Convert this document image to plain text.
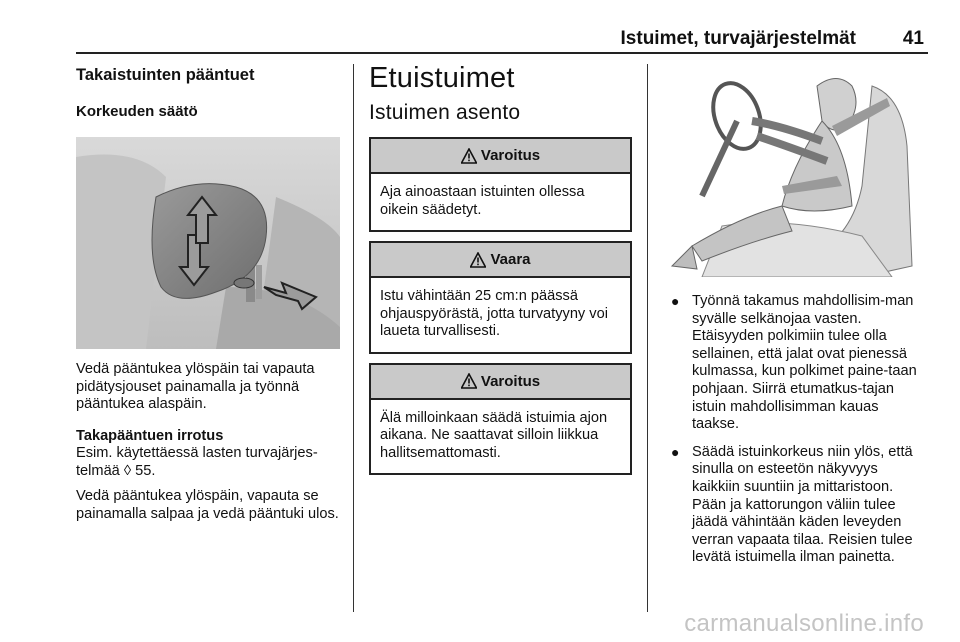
Istuimet, turvajärjestelmät 41
Takaistuinten pääntuet
Korkeuden säätö
Vedä pääntukea ylöspäin tai vapauta pidätysjouset painamalla ja työnnä pääntukea alaspäin.
Takapääntuen irrotus
Esim. käytettäessä lasten turvajärjes-telmää ◊ 55.
Vedä pääntukea ylöspäin, vapauta se painamalla salpaa ja vedä pääntuki ulos.
Etuistuimet
Istuimen asento
Varoitus
Aja ainoastaan istuinten ollessa oikein säädetyt.
Vaara
Istu vähintään 25 cm:n päässä ohjauspyörästä, jotta turvatyyny voi laueta turvallisesti.
Varoitus
Älä milloinkaan säädä istuimia ajon aikana. Ne saattavat silloin liikkua hallitsemattomasti.
● Työnnä takamus mahdollisim-man syvälle selkänojaa vasten. Etäisyyden polkimiin tulee olla sellainen, että jalat ovat pienessä kulmassa, kun polkimet paine-taan pohjaan. Siirrä etumatkus-tajan istuin mahdollisimman kauas taakse.
● Säädä istuinkorkeus niin ylös, että sinulla on esteetön näkyvyys kaikkiin suuntiin ja mittaristoon. Pään ja kattorungon väliin tulee jäädä vähintään käden leveyden verran vapaata tilaa. Reisien tulee levätä istuimella ilman painetta.
carmanualsonline.info
